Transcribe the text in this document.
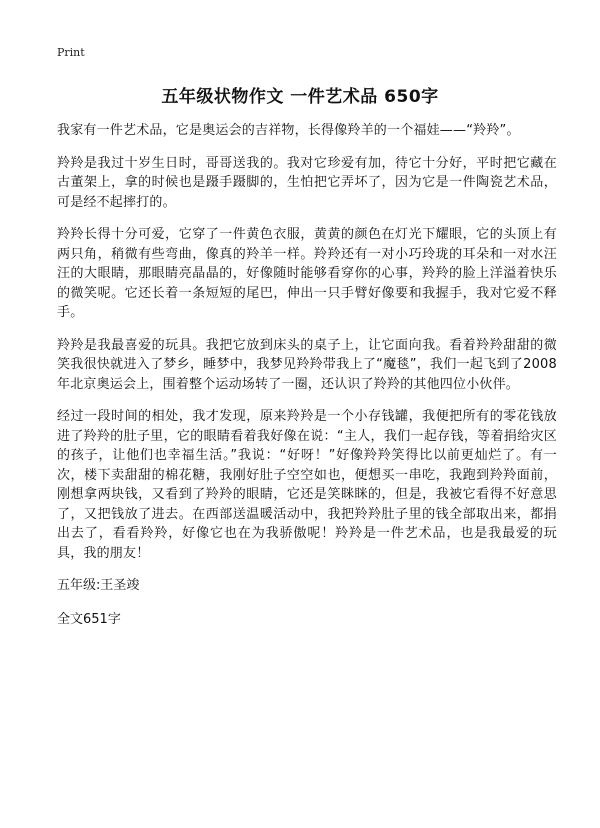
Print
五年级状物作文 一件艺术品 650字

我家有一件艺术品，它是奥运会的吉祥物，长得像羚羊的一个福娃——“羚羚”。

羚羚是我过十岁生日时，哥哥送我的。我对它珍爱有加，待它十分好，平时把它藏在古董架上，拿的时候也是蹑手蹑脚的，生怕把它弄坏了，因为它是一件陶瓷艺术品，可是经不起摔打的。

羚羚长得十分可爱，它穿了一件黄色衣服，黄黄的颜色在灯光下耀眼，它的头顶上有两只角，稍微有些弯曲，像真的羚羊一样。羚羚还有一对小巧玲珑的耳朵和一对水汪汪的大眼睛，那眼睛亮晶晶的，好像随时能够看穿你的心事，羚羚的脸上洋溢着快乐的微笑呢。它还长着一条短短的尾巴，伸出一只手臂好像要和我握手，我对它爱不释手。

羚羚是我最喜爱的玩具。我把它放到床头的桌子上，让它面向我。看着羚羚甜甜的微笑我很快就进入了梦乡，睡梦中，我梦见羚羚带我上了“魔毯”，我们一起飞到了2008年北京奥运会上，围着整个运动场转了一圈，还认识了羚羚的其他四位小伙伴。

经过一段时间的相处，我才发现，原来羚羚是一个小存钱罐，我便把所有的零花钱放进了羚羚的肚子里，它的眼睛看着我好像在说：“主人，我们一起存钱，等着捐给灾区的孩子，让他们也幸福生活。”我说：“好呀！”好像羚羚笑得比以前更灿烂了。有一次，楼下卖甜甜的棉花糖，我刚好肚子空空如也，便想买一串吃，我跑到羚羚面前，刚想拿两块钱，又看到了羚羚的眼睛，它还是笑眯眯的，但是，我被它看得不好意思了，又把钱放了进去。在西部送温暖活动中，我把羚羚肚子里的钱全部取出来，都捐出去了，看看羚羚，好像它也在为我骄傲呢！羚羚是一件艺术品，也是我最爱的玩具，我的朋友！

五年级:王圣竣

全文651字
